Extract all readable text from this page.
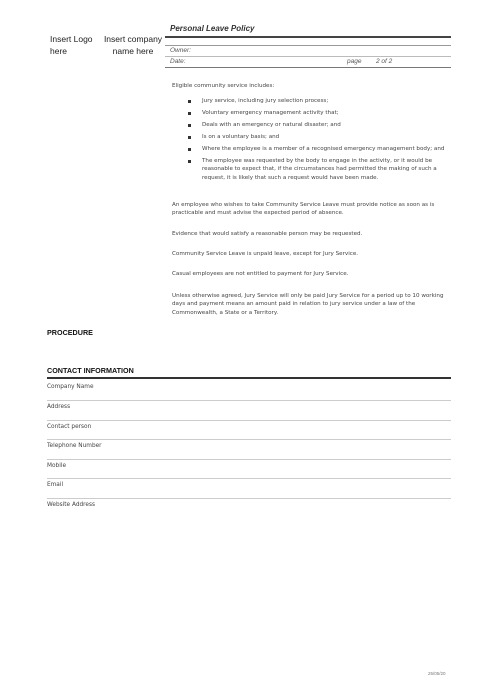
Insert Logo
here
Insert company
name here
Personal Leave Policy
Owner:
Date:	page 2 of 2
Eligible community service includes:
Jury service, including jury selection process;
Voluntary emergency management activity that;
Deals with an emergency or natural disaster; and
Is on a voluntary basis; and
Where the employee is a member of a recognised emergency management body; and
The employee was requested by the body to engage in the activity, or it would be reasonable to expect that, if the circumstances had permitted the making of such a request, it is likely that such a request would have been made.
An employee who wishes to take Community Service Leave must provide notice as soon as is practicable and must advise the expected period of absence.
Evidence that would satisfy a reasonable person may be requested.
Community Service Leave is unpaid leave, except for Jury Service.
Casual employees are not entitled to payment for Jury Service.
Unless otherwise agreed, Jury Service will only be paid Jury Service for a period up to 10 working days and payment means an amount paid in relation to jury service under a law of the Commonwealth, a State or a Territory.
PROCEDURE
CONTACT INFORMATION
Company Name
Address
Contact person
Telephone Number
Mobile
Email
Website Address
25/05/20
